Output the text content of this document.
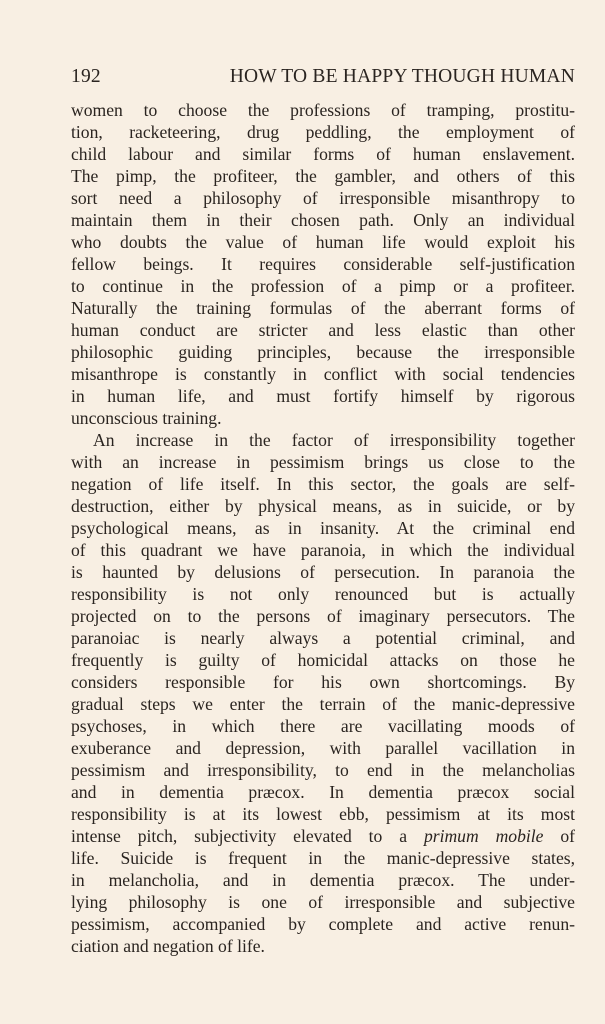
192	HOW TO BE HAPPY THOUGH HUMAN

women to choose the professions of tramping, prostitu-
tion, racketeering, drug peddling, the employment of
child labour and similar forms of human enslavement.
The pimp, the profiteer, the gambler, and others of this
sort need a philosophy of irresponsible misanthropy to
maintain them in their chosen path. Only an individual
who doubts the value of human life would exploit his
fellow beings. It requires considerable self-justification
to continue in the profession of a pimp or a profiteer.
Naturally the training formulas of the aberrant forms of
human conduct are stricter and less elastic than other
philosophic guiding principles, because the irresponsible
misanthrope is constantly in conflict with social tendencies
in human life, and must fortify himself by rigorous
unconscious training.

An increase in the factor of irresponsibility together
with an increase in pessimism brings us close to the
negation of life itself. In this sector, the goals are self-
destruction, either by physical means, as in suicide, or by
psychological means, as in insanity. At the criminal end
of this quadrant we have paranoia, in which the individual
is haunted by delusions of persecution. In paranoia the
responsibility is not only renounced but is actually
projected on to the persons of imaginary persecutors. The
paranoiac is nearly always a potential criminal, and
frequently is guilty of homicidal attacks on those he
considers responsible for his own shortcomings. By
gradual steps we enter the terrain of the manic-depressive
psychoses, in which there are vacillating moods of
exuberance and depression, with parallel vacillation in
pessimism and irresponsibility, to end in the melancholias
and in dementia præcox. In dementia præcox social
responsibility is at its lowest ebb, pessimism at its most
intense pitch, subjectivity elevated to a primum mobile of
life. Suicide is frequent in the manic-depressive states,
in melancholia, and in dementia præcox. The under-
lying philosophy is one of irresponsible and subjective
pessimism, accompanied by complete and active renun-
ciation and negation of life.
